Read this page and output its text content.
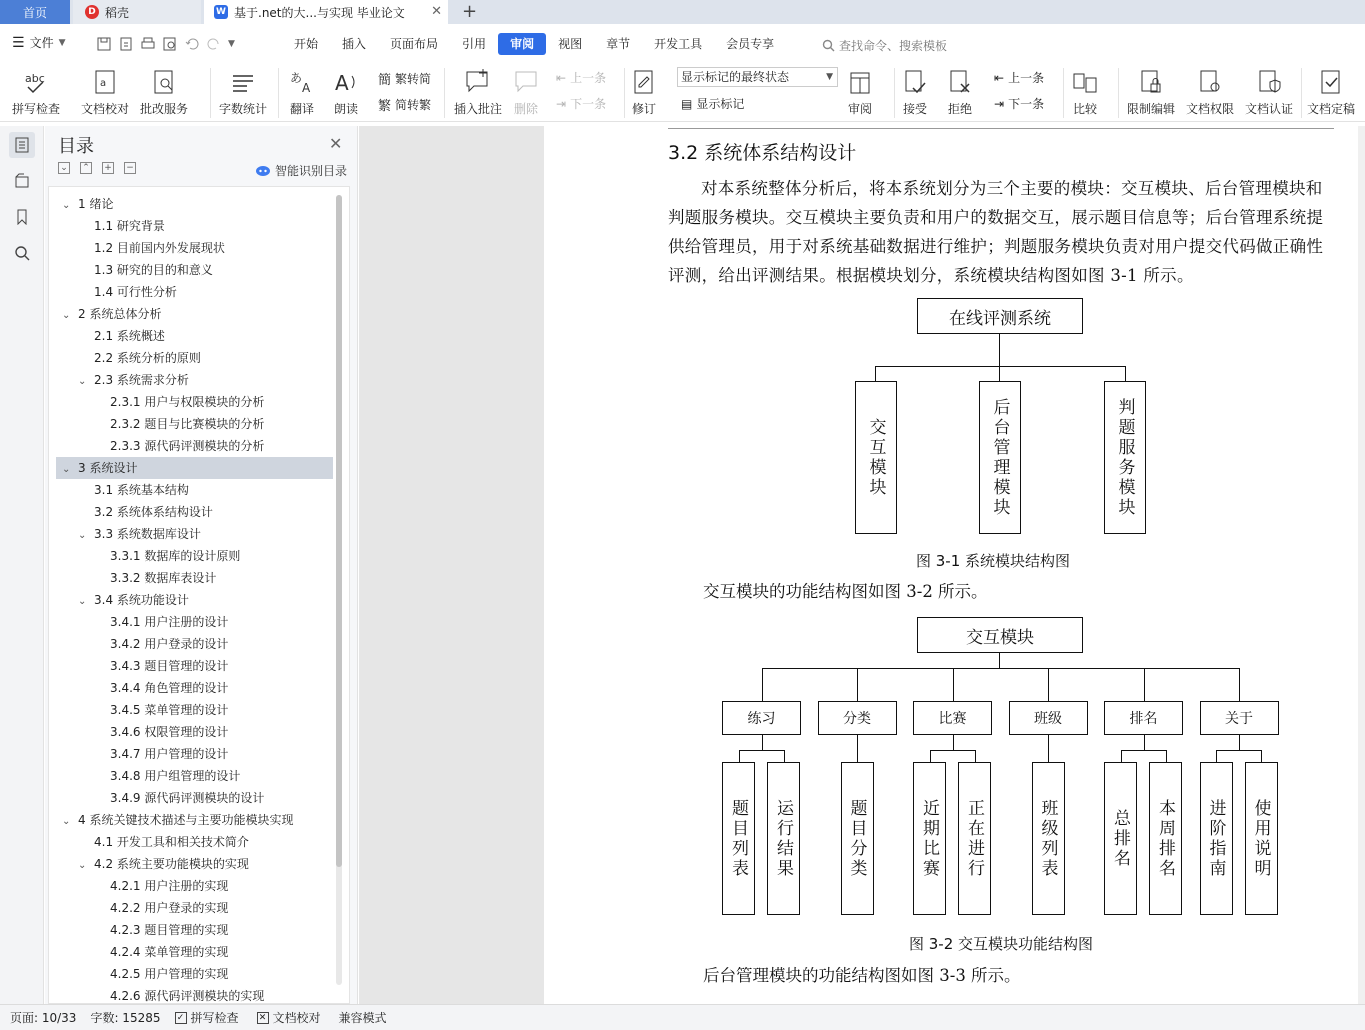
首页	D 稻壳	W 基于.net的大...与实现 毕业论文 ✕ +
☰ 文件 ▼	▼	开始	插入	页面布局	引用	审阅	视图	章节	开发工具	会员专享	查找命令、搜索模板
abc
拼写检查
a
文档校对 批改服务	字数统计
あ
A
翻译
A
朗读
簡 繁转简
繁 简转繁 插入批注 删除
⇤ 上一条
⇥ 下一条 修订
显示标记的最终状态	▼
▤ 显示标记	审阅	接受 拒绝
⇤ 上一条
⇥ 下一条 比较	限制编辑 文档权限 文档认证 文档定稿
目录	✕
⌄ ⌃ + −	智能识别目录
⌄ 1 绪论
1.1 研究背景
1.2 目前国内外发展现状
1.3 研究的目的和意义
1.4 可行性分析
⌄ 2 系统总体分析
2.1 系统概述
2.2 系统分析的原则
⌄ 2.3 系统需求分析
2.3.1 用户与权限模块的分析
2.3.2 题目与比赛模块的分析
2.3.3 源代码评测模块的分析
⌄ 3 系统设计
3.1 系统基本结构
3.2 系统体系结构设计
⌄ 3.3 系统数据库设计
3.3.1 数据库的设计原则
3.3.2 数据库表设计
⌄ 3.4 系统功能设计
3.4.1 用户注册的设计
3.4.2 用户登录的设计
3.4.3 题目管理的设计
3.4.4 角色管理的设计
3.4.5 菜单管理的设计
3.4.6 权限管理的设计
3.4.7 用户管理的设计
3.4.8 用户组管理的设计
3.4.9 源代码评测模块的设计
⌄ 4 系统关键技术描述与主要功能模块实现
4.1 开发工具和相关技术简介
⌄ 4.2 系统主要功能模块的实现
4.2.1 用户注册的实现
4.2.2 用户登录的实现
4.2.3 题目管理的实现
4.2.4 菜单管理的实现
4.2.5 用户管理的实现
4.2.6 源代码评测模块的实现
3.2 系统体系结构设计
对本系统整体分析后，将本系统划分为三个主要的模块：交互模块、后台管理模块和判题服务模块。交互模块主要负责和用户的数据交互，展示题目信息等；后台管理系统提供给管理员，用于对系统基础数据进行维护；判题服务模块负责对用户提交代码做正确性评测，给出评测结果。根据模块划分，系统模块结构图如图 3-1 所示。
在线评测系统
交互模块	后台管理模块	判题服务模块
图 3-1 系统模块结构图
交互模块的功能结构图如图 3-2 所示。
交互模块
练习
题目列表 运行结果
分类
题目分类
比赛
近期比赛 正在进行
班级
班级列表
排名
总排名 本周排名
关于
进阶指南 使用说明
图 3-2 交互模块功能结构图
后台管理模块的功能结构图如图 3-3 所示。
页面: 10/33 字数: 15285 ✓ 拼写检查 ✕ 文档校对 兼容模式
